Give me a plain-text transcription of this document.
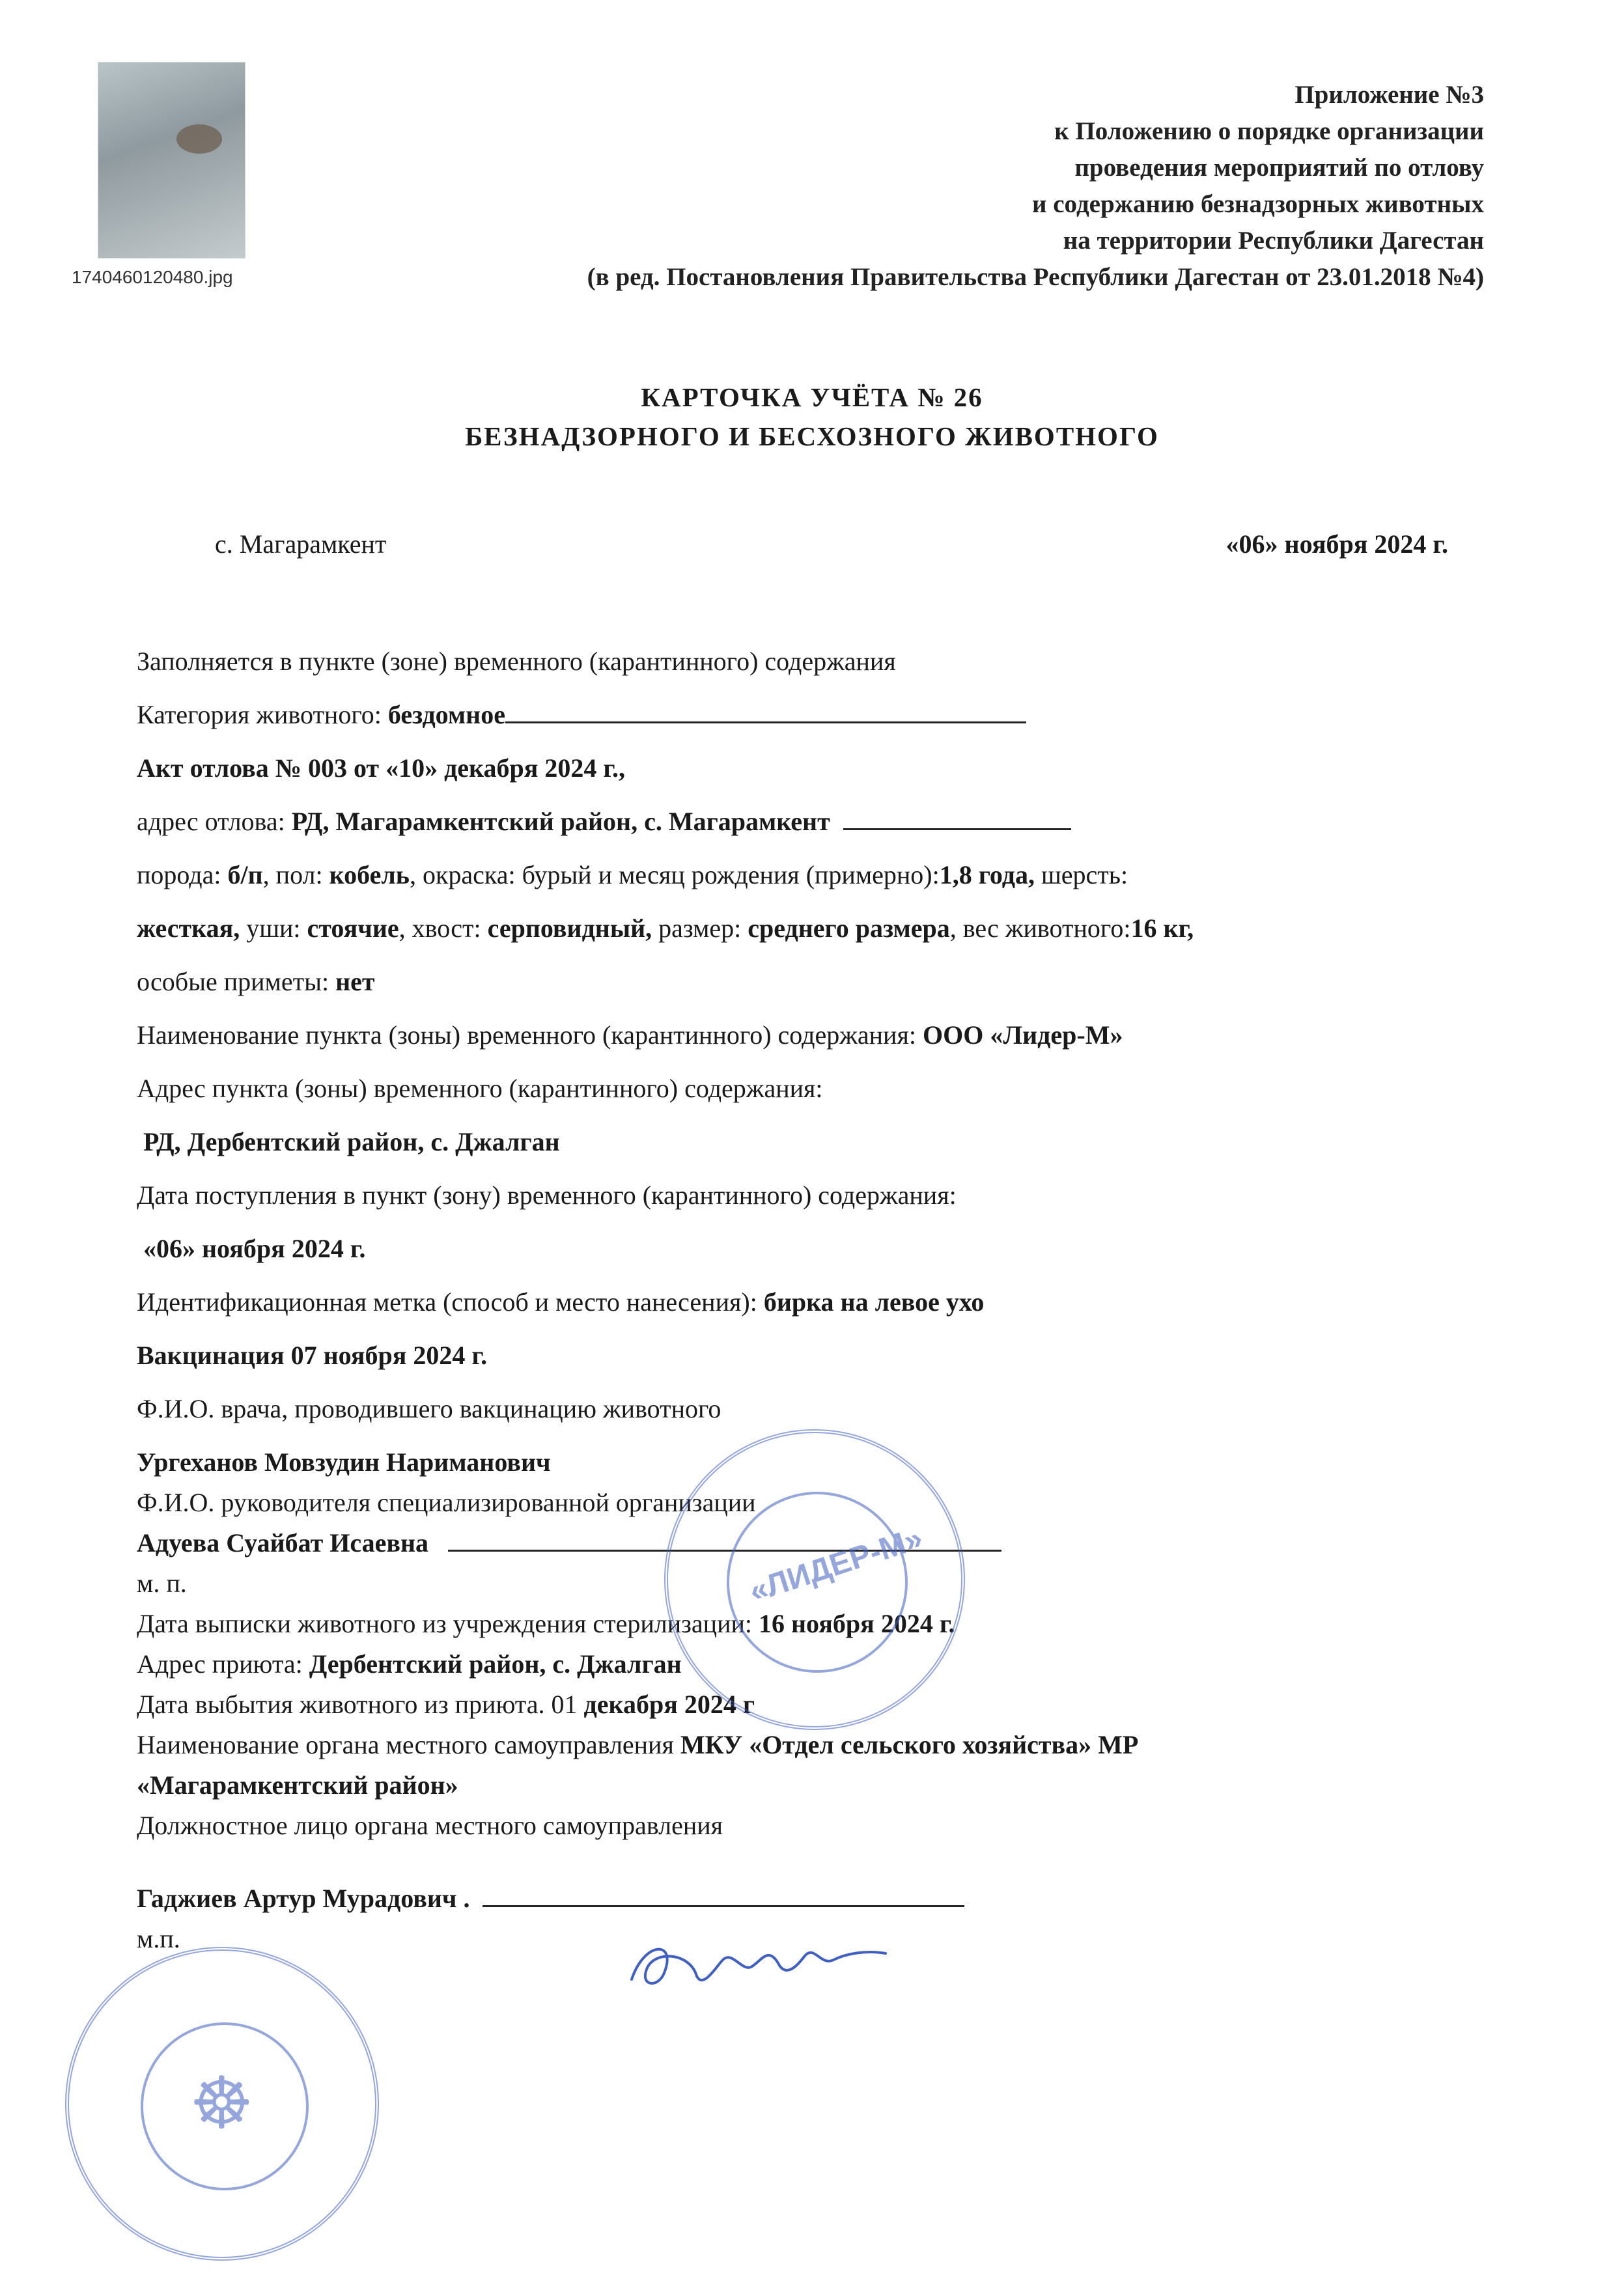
1740460120480.jpg
Приложение №3
к Положению о порядке организации
проведения мероприятий по отлову
и содержанию безнадзорных животных
на территории Республики Дагестан
(в ред. Постановления Правительства Республики Дагестан от 23.01.2018 №4)
КАРТОЧКА УЧЁТА № 26
БЕЗНАДЗОРНОГО И БЕСХОЗНОГО ЖИВОТНОГО
с. Магарамкент	«06» ноября 2024 г.
Заполняется в пункте (зоне) временного (карантинного) содержания
Категория животного: бездомное
Акт отлова № 003 от «10» декабря 2024 г.,
адрес отлова: РД, Магарамкентский район, с. Магарамкент
порода: б/п, пол: кобель, окраска: бурый и месяц рождения (примерно):1,8 года, шерсть:
жесткая, уши: стоячие, хвост: серповидный, размер: среднего размера, вес животного:16 кг,
особые приметы: нет
Наименование пункта (зоны) временного (карантинного) содержания: ООО «Лидер-М»
Адрес пункта (зоны) временного (карантинного) содержания:
РД, Дербентский район, с. Джалган
Дата поступления в пункт (зону) временного (карантинного) содержания:
«06» ноября 2024 г.
Идентификационная метка (способ и место нанесения): бирка на левое ухо
Вакцинация 07 ноября 2024 г.
Ф.И.О. врача, проводившего вакцинацию животного
Ургеханов Мовзудин Нариманович
Ф.И.О. руководителя специализированной организации
Адуева Суайбат Исаевна
м. п.
Дата выписки животного из учреждения стерилизации: 16 ноября 2024 г.
Адрес приюта: Дербентский район, с. Джалган
Дата выбытия животного из приюта. 01 декабря 2024 г
Наименование органа местного самоуправления МКУ «Отдел сельского хозяйства» МР
«Магарамкентский район»
Должностное лицо органа местного самоуправления
Гаджиев Артур Мурадович .
м.п.
«ЛИДЕР-М»
☸
